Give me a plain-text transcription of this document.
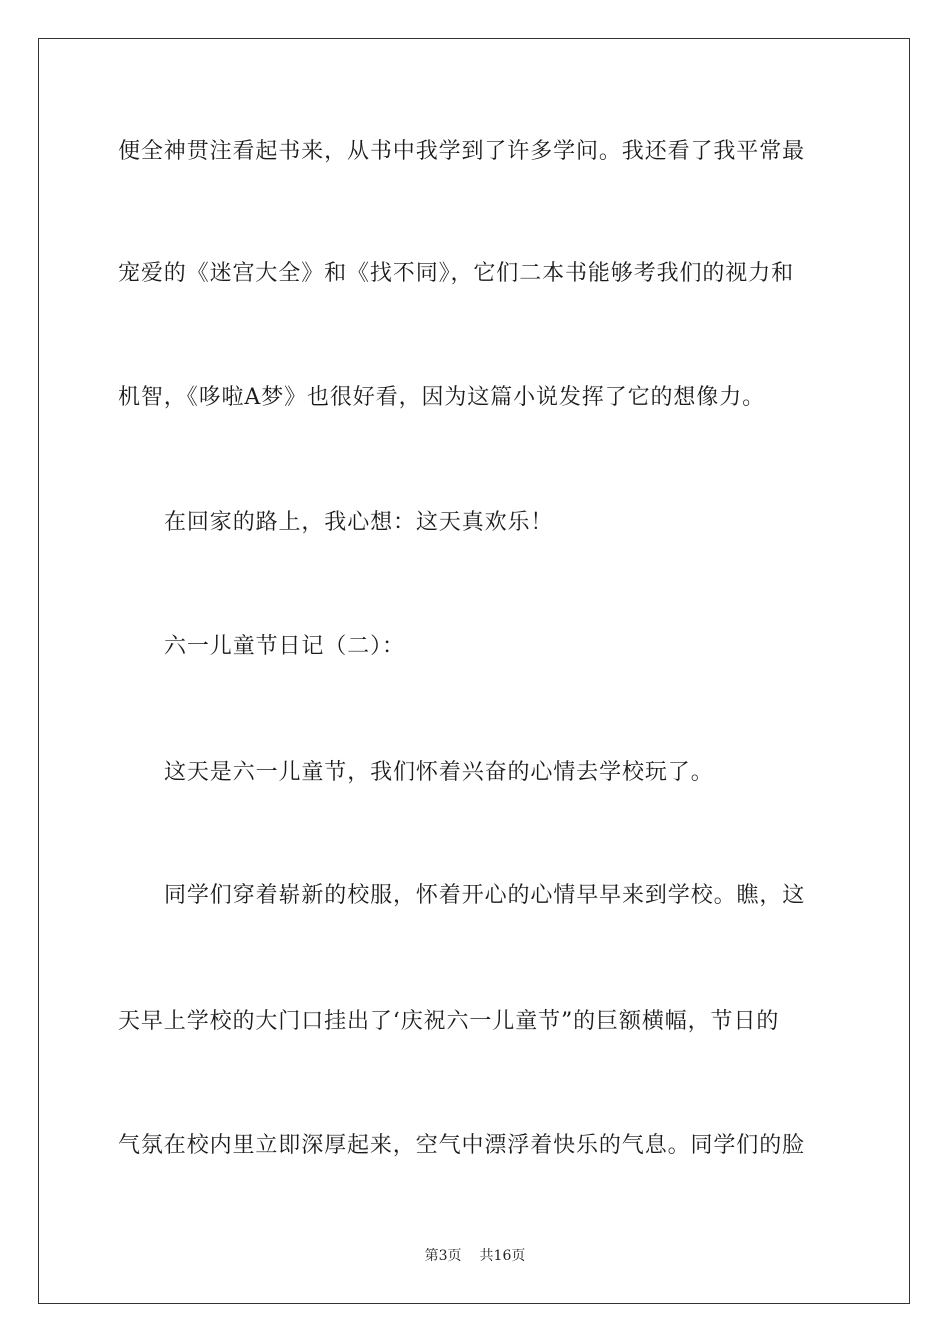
便全神贯注看起书来，从书中我学到了许多学问。我还看了我平常最
宠爱的《迷宫大全》和《找不同》，它们二本书能够考我们的视力和
机智，《哆啦A梦》也很好看，因为这篇小说发挥了它的想像力。
在回家的路上，我心想：这天真欢乐！
六一儿童节日记（二）：
这天是六一儿童节，我们怀着兴奋的心情去学校玩了。
同学们穿着崭新的校服，怀着开心的心情早早来到学校。瞧，这
天早上学校的大门口挂出了‘庆祝六一儿童节”的巨额横幅，节日的
气氛在校内里立即深厚起来，空气中漂浮着快乐的气息。同学们的脸
第3页 共16页
